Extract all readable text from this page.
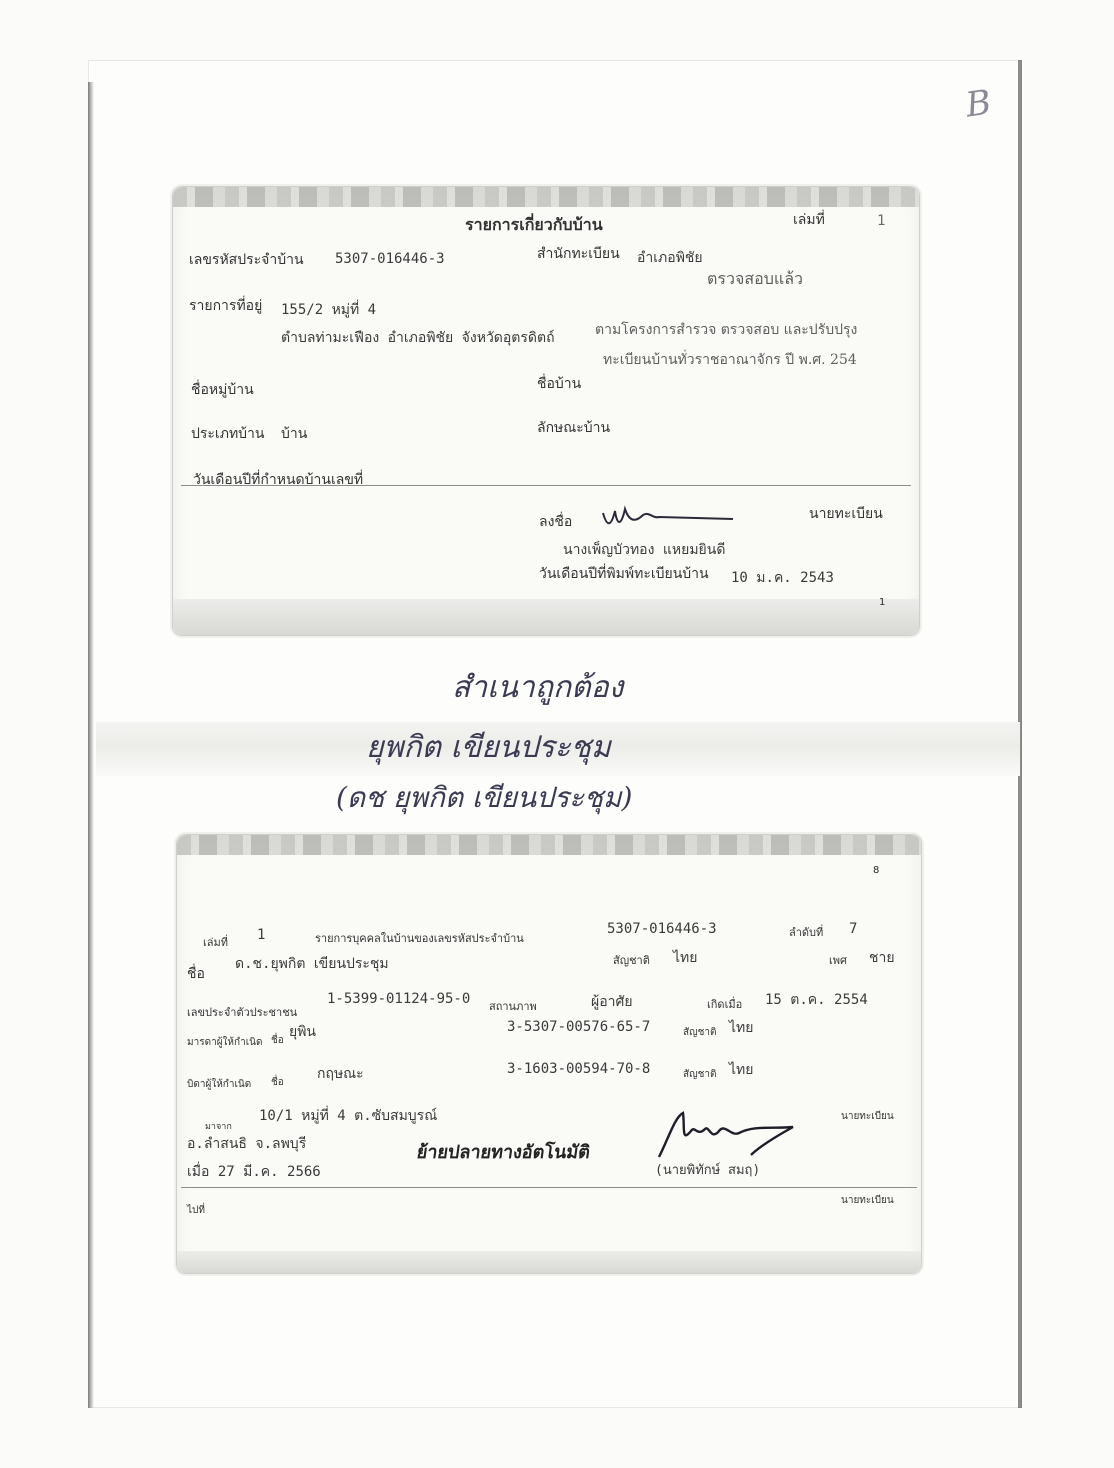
B
รายการเกี่ยวกับบ้าน	เล่มที่	1
เลขรหัสประจำบ้าน 5307-016446-3	สำนักทะเบียน อำเภอพิชัย
รายการที่อยู่ 155/2 หมู่ที่ 4
ตำบลท่ามะเฟือง อำเภอพิชัย จังหวัดอุตรดิตถ์
ตรวจสอบแล้ว
ตามโครงการสำรวจ ตรวจสอบ และปรับปรุง
ทะเบียนบ้านทั่วราชอาณาจักร ปี พ.ศ. 254
ชื่อหมู่บ้าน	ชื่อบ้าน
ประเภทบ้าน บ้าน	ลักษณะบ้าน
วันเดือนปีที่กำหนดบ้านเลขที่
ลงชื่อ	นายทะเบียน
นางเพ็ญบัวทอง แหยมยินดี
วันเดือนปีที่พิมพ์ทะเบียนบ้าน 10 ม.ค. 2543
1
สำเนาถูกต้อง
ยุพกิต เขียนประชุม
(ดช ยุพกิต เขียนประชุม)
8
เล่มที่ 1	รายการบุคคลในบ้านของเลขรหัสประจำบ้าน
5307-016446-3	ลำดับที่ 7
ชื่อ
ด.ช.ยุพกิต เขียนประชุม	สัญชาติ ไทย	เพศ ชาย
เลขประจำตัวประชาชน
1-5399-01124-95-0 สถานภาพ	ผู้อาศัย	เกิดเมื่อ 15 ต.ค. 2554
มารดาผู้ให้กำเนิด ชื่อ
ยุพิน	3-5307-00576-65-7	สัญชาติ ไทย
บิดาผู้ให้กำเนิด ชื่อ
กฤษณะ	3-1603-00594-70-8	สัญชาติ ไทย
มาจาก
10/1 หมู่ที่ 4 ต.ซับสมบูรณ์
อ.ลำสนธิ จ.ลพบุรี
เมื่อ 27 มี.ค. 2566
ย้ายปลายทางอัตโนมัติ
นายทะเบียน
(นายพิทักษ์ สมฤ)
นายทะเบียน
ไปที่
